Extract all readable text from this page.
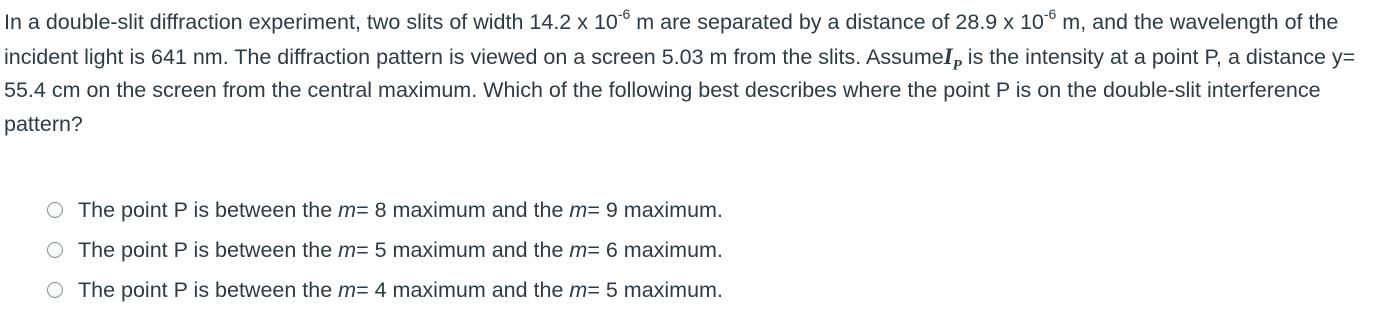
In a double-slit diffraction experiment, two slits of width 14.2 x $10^{-6}$ m are separated by a distance of 28.9 x $10^{-6}$ m, and the wavelength of the incident light is 641 nm. The diffraction pattern is viewed on a screen 5.03 m from the slits. AssumeI$_P$ is the intensity at a point P, a distance y= 55.4 cm on the screen from the central maximum. Which of the following best describes where the point P is on the double-slit interference pattern?
The point P is between the m= 8 maximum and the m= 9 maximum.
The point P is between the m= 5 maximum and the m= 6 maximum.
The point P is between the m= 4 maximum and the m= 5 maximum.
